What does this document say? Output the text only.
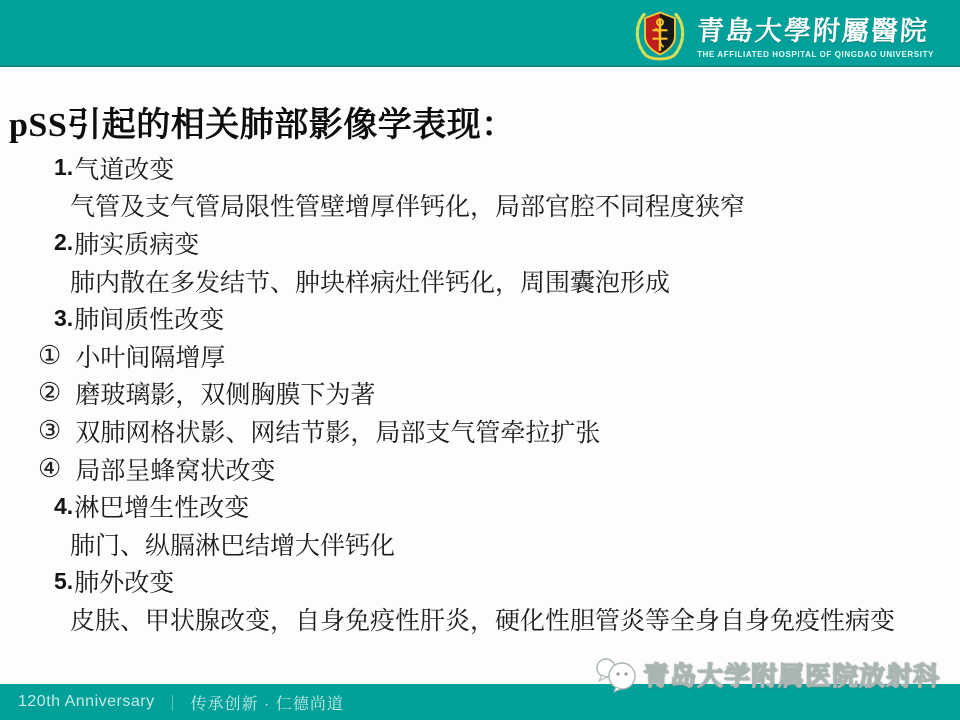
青島大學附屬醫院
THE AFFILIATED HOSPITAL OF QINGDAO UNIVERSITY
pSS引起的相关肺部影像学表现：
1. 气道改变
气管及支气管局限性管壁增厚伴钙化，局部官腔不同程度狭窄
2. 肺实质病变
肺内散在多发结节、肿块样病灶伴钙化，周围囊泡形成
3. 肺间质性改变
① 小叶间隔增厚
② 磨玻璃影，双侧胸膜下为著
③ 双肺网格状影、网结节影，局部支气管牵拉扩张
④ 局部呈蜂窝状改变
4. 淋巴增生性改变
肺门、纵膈淋巴结增大伴钙化
5. 肺外改变
皮肤、甲状腺改变，自身免疫性肝炎，硬化性胆管炎等全身自身免疫性病变
120th Anniversary ｜ 传承创新 · 仁德尚道
青岛大学附属医院放射科
